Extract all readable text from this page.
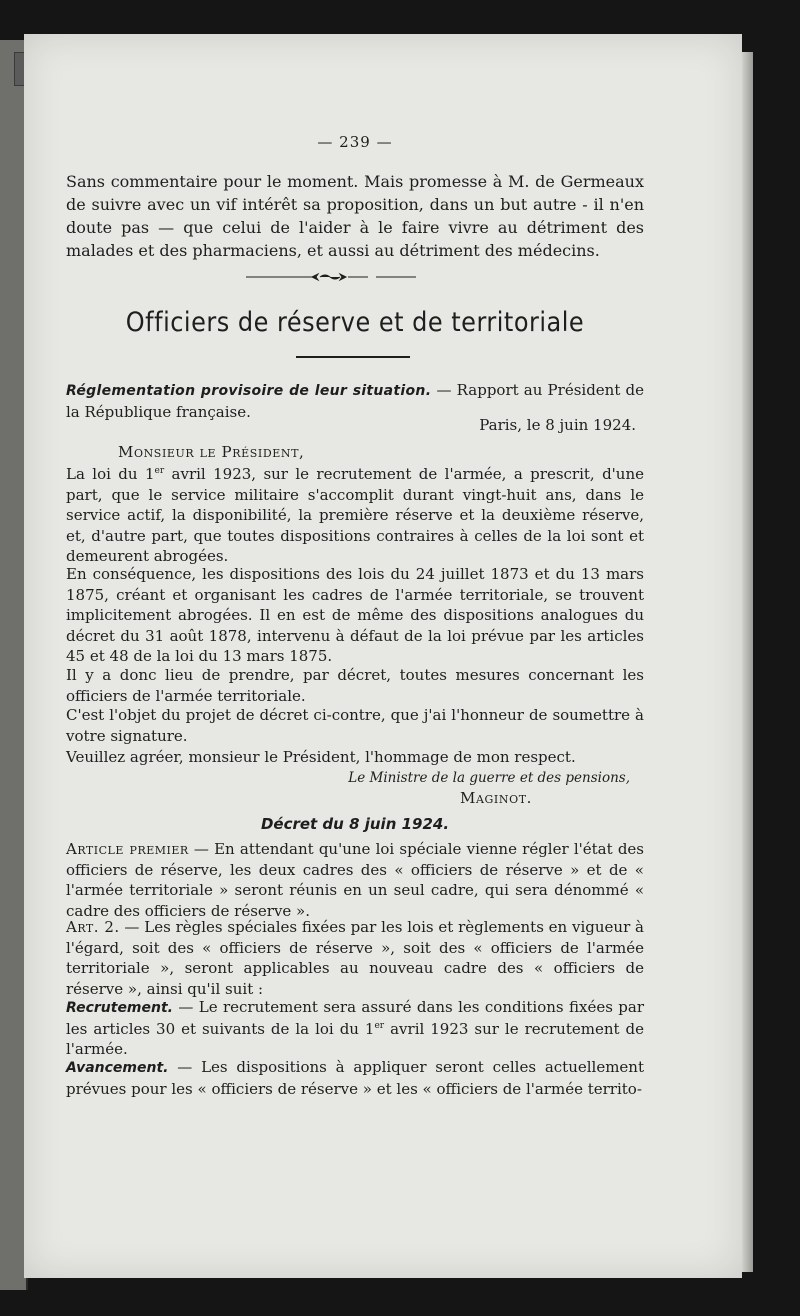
— 239 —

Sans commentaire pour le moment. Mais promesse à M. de Germeaux de suivre avec un vif intérêt sa proposition, dans un but autre - il n'en doute pas — que celui de l'aider à le faire vivre au détriment des malades et des pharmaciens, et aussi au détriment des médecins.

Officiers de réserve et de territoriale

Réglementation provisoire de leur situation. — Rapport au Président de la République française.

Paris, le 8 juin 1924.

Monsieur le Président,

La loi du 1er avril 1923, sur le recrutement de l'armée, a prescrit, d'une part, que le service militaire s'accomplit durant vingt-huit ans, dans le service actif, la disponibilité, la première réserve et la deuxième réserve, et, d'autre part, que toutes dispositions contraires à celles de la loi sont et demeurent abrogées.

En conséquence, les dispositions des lois du 24 juillet 1873 et du 13 mars 1875, créant et organisant les cadres de l'armée territoriale, se trouvent implicitement abrogées. Il en est de même des dispositions analogues du décret du 31 août 1878, intervenu à défaut de la loi prévue par les articles 45 et 48 de la loi du 13 mars 1875.

Il y a donc lieu de prendre, par décret, toutes mesures concernant les officiers de l'armée territoriale.

C'est l'objet du projet de décret ci-contre, que j'ai l'honneur de soumettre à votre signature.

Veuillez agréer, monsieur le Président, l'hommage de mon respect.

Le Ministre de la guerre et des pensions,

Maginot.

Décret du 8 juin 1924.

Article premier — En attendant qu'une loi spéciale vienne régler l'état des officiers de réserve, les deux cadres des « officiers de réserve » et de « l'armée territoriale » seront réunis en un seul cadre, qui sera dénommé « cadre des officiers de réserve ».

Art. 2. — Les règles spéciales fixées par les lois et règlements en vigueur à l'égard, soit des « officiers de réserve », soit des « officiers de l'armée territoriale », seront applicables au nouveau cadre des « officiers de réserve », ainsi qu'il suit :

Recrutement. — Le recrutement sera assuré dans les conditions fixées par les articles 30 et suivants de la loi du 1er avril 1923 sur le recrutement de l'armée.

Avancement. — Les dispositions à appliquer seront celles actuellement prévues pour les « officiers de réserve » et les « officiers de l'armée territo-
